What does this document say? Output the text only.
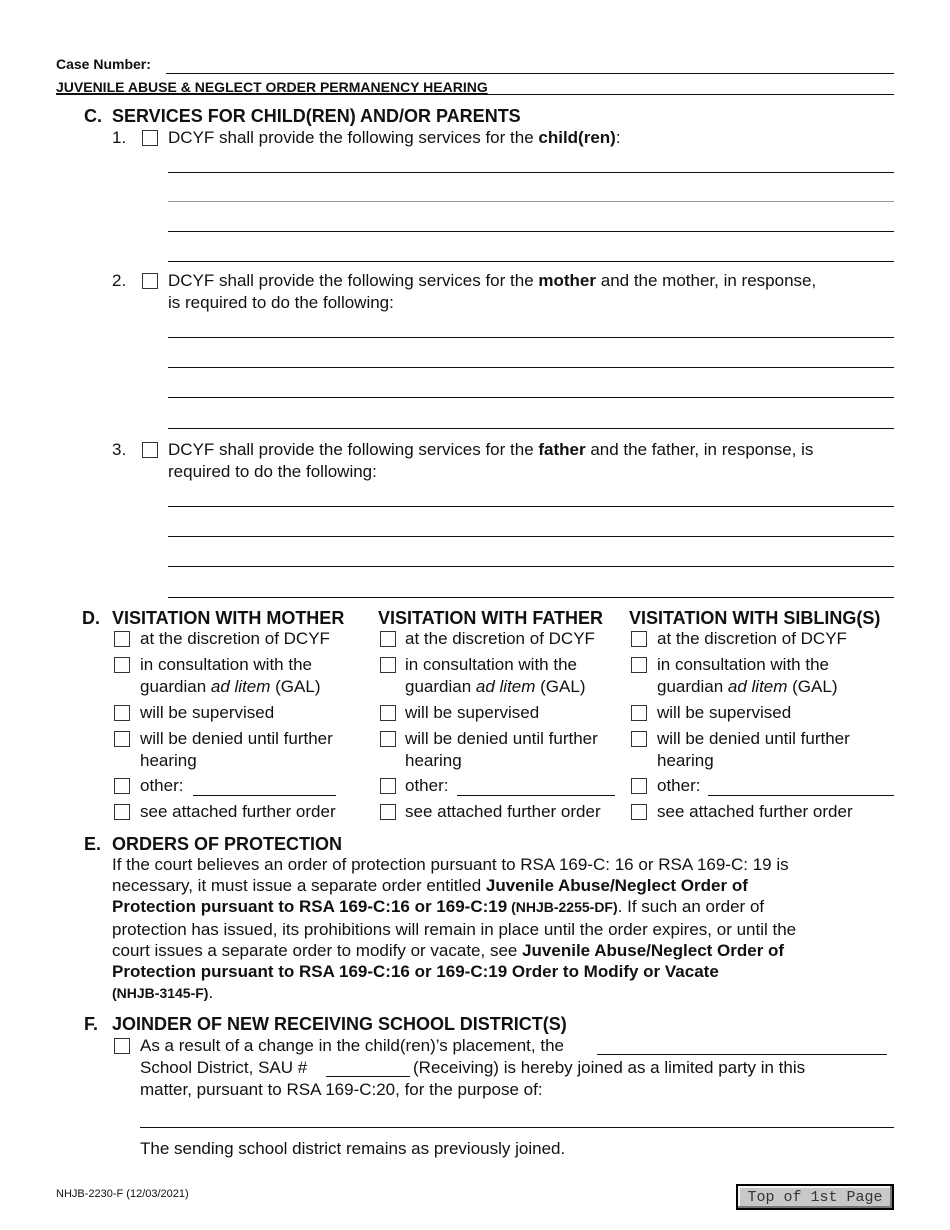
Case Number:
JUVENILE ABUSE & NEGLECT ORDER PERMANENCY HEARING
C. SERVICES FOR CHILD(REN) AND/OR PARENTS
1. DCYF shall provide the following services for the child(ren):
2. DCYF shall provide the following services for the mother and the mother, in response,
is required to do the following:
3. DCYF shall provide the following services for the father and the father, in response, is
required to do the following:
D. VISITATION WITH MOTHER
at the discretion of DCYF
in consultation with the
guardian ad litem (GAL)
will be supervised
will be denied until further
hearing
other:
see attached further order
VISITATION WITH FATHER
at the discretion of DCYF
in consultation with the
guardian ad litem (GAL)
will be supervised
will be denied until further
hearing
other:
see attached further order
VISITATION WITH SIBLING(S)
at the discretion of DCYF
in consultation with the
guardian ad litem (GAL)
will be supervised
will be denied until further
hearing
other:
see attached further order
E. ORDERS OF PROTECTION
If the court believes an order of protection pursuant to RSA 169-C: 16 or RSA 169-C: 19 is
necessary, it must issue a separate order entitled Juvenile Abuse/Neglect Order of
Protection pursuant to RSA 169-C:16 or 169-C:19 (NHJB-2255-DF). If such an order of
protection has issued, its prohibitions will remain in place until the order expires, or until the
court issues a separate order to modify or vacate, see Juvenile Abuse/Neglect Order of
Protection pursuant to RSA 169-C:16 or 169-C:19 Order to Modify or Vacate
(NHJB-3145-F).
F. JOINDER OF NEW RECEIVING SCHOOL DISTRICT(S)
As a result of a change in the child(ren)’s placement, the
School District, SAU #	(Receiving) is hereby joined as a limited party in this
matter, pursuant to RSA 169-C:20, for the purpose of:
The sending school district remains as previously joined.
NHJB-2230-F (12/03/2021)	Top of 1st Page
